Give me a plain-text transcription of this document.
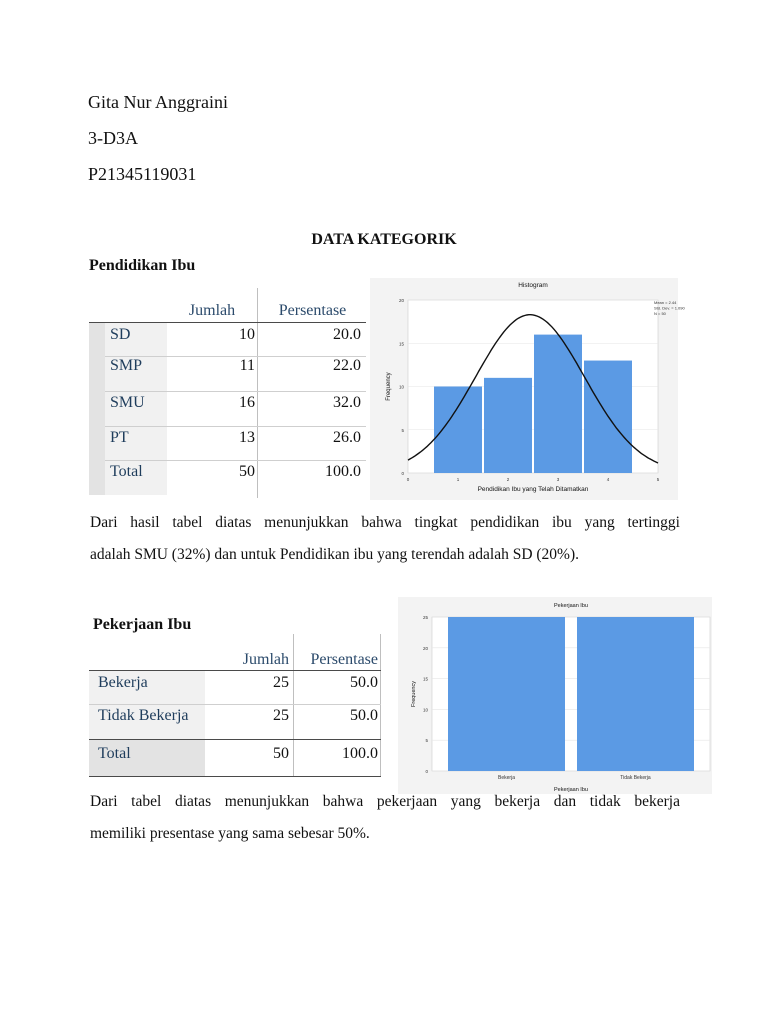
Gita Nur Anggraini
3-D3A
P21345119031
DATA KATEGORIK
Pendidikan Ibu
Jumlah	Persentase
SD	10	20.0
SMP	11	22.0
SMU	16	32.0
PT	13	26.0
Total	50	100.0	0
5
10
15
20
0	1	2	3	4	5
Histogram
Pendidikan Ibu yang Telah Ditamatkan
Frequency
Mean = 2.44
Std. Dev. = 1.090
N = 50
Dari hasil tabel diatas menunjukkan bahwa tingkat pendidikan ibu yang tertinggi
adalah SMU (32%) dan untuk Pendidikan ibu yang terendah adalah SD (20%).
Pekerjaan Ibu
Jumlah	Persentase
Bekerja	25	50.0
Tidak Bekerja	25	50.0
Total	50	100.0
0
5
10
15
20
25
Bekerja	Tidak Bekerja
Pekerjaan Ibu
Pekerjaan Ibu
Frequency
Dari tabel diatas menunjukkan bahwa pekerjaan yang bekerja dan tidak bekerja
memiliki presentase yang sama sebesar 50%.
